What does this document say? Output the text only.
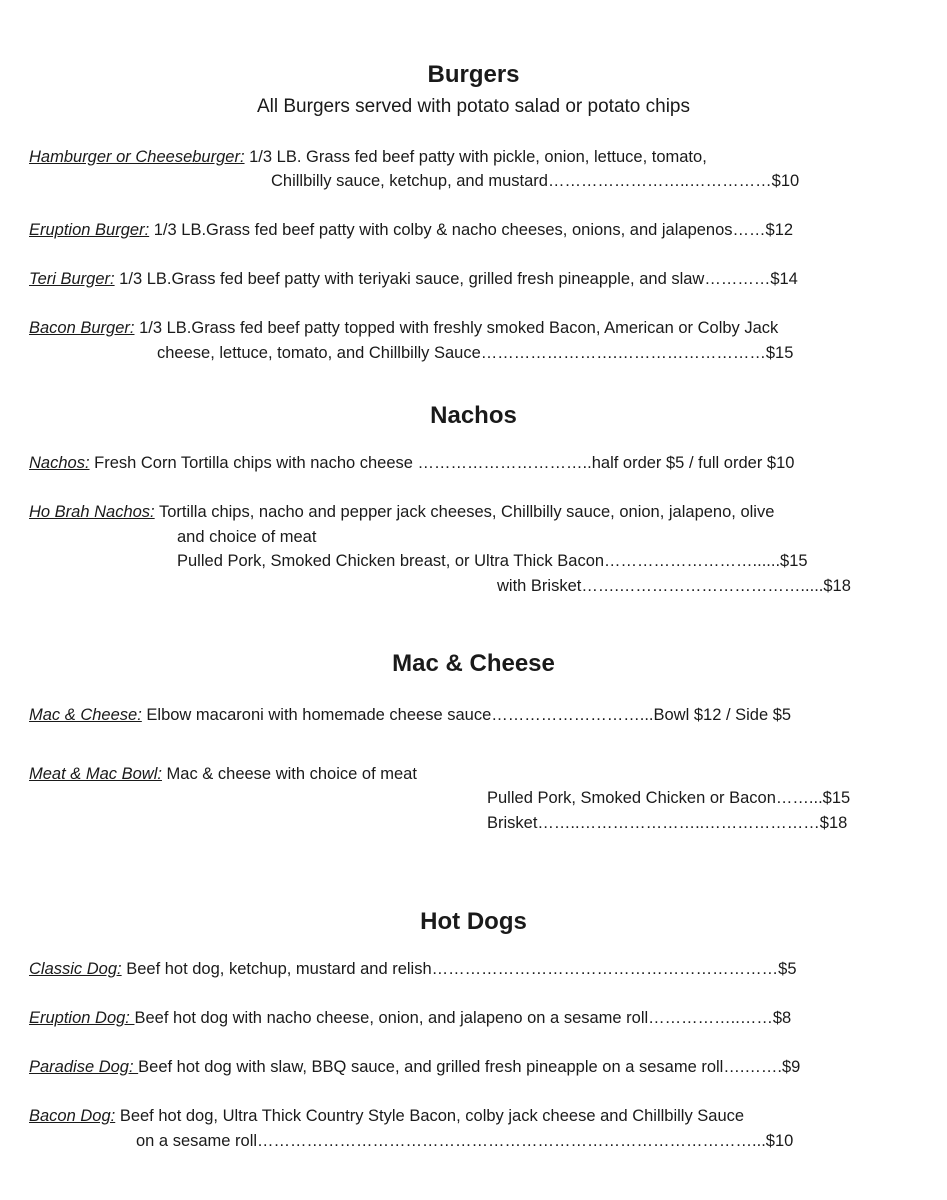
Burgers
All Burgers served with potato salad or potato chips
Hamburger or Cheeseburger: 1/3 LB. Grass fed beef patty with pickle, onion, lettuce, tomato,
Chillbilly sauce, ketchup, and mustard……………………..……………$10
Eruption Burger: 1/3 LB.Grass fed beef patty with colby & nacho cheeses, onions, and jalapenos……$12
Teri Burger: 1/3 LB.Grass fed beef patty with teriyaki sauce, grilled fresh pineapple, and slaw…………$14
Bacon Burger: 1/3 LB.Grass fed beef patty topped with freshly smoked Bacon, American or Colby Jack
cheese, lettuce, tomato, and Chillbilly Sauce…………………….………………………$15
Nachos
Nachos: Fresh Corn Tortilla chips with nacho cheese …………………………..half order $5 / full order $10
Ho Brah Nachos: Tortilla chips, nacho and pepper jack cheeses, Chillbilly sauce, onion, jalapeno, olive
and choice of meat
Pulled Pork, Smoked Chicken breast, or Ultra Thick Bacon………………………......$15
with Brisket…….…………………………….....$18
Mac & Cheese
Mac & Cheese: Elbow macaroni with homemade cheese sauce………………………...Bowl $12 / Side $5
Meat & Mac Bowl: Mac & cheese with choice of meat
Pulled Pork, Smoked Chicken or Bacon……...$15
Brisket……..…………………..…………………$18
Hot Dogs
Classic Dog: Beef hot dog, ketchup, mustard and relish………………………………………………………$5
Eruption Dog: Beef hot dog with nacho cheese, onion, and jalapeno on a sesame roll……………..……$8
Paradise Dog: Beef hot dog with slaw, BBQ sauce, and grilled fresh pineapple on a sesame roll….…….$9
Bacon Dog: Beef hot dog, Ultra Thick Country Style Bacon, colby jack cheese and Chillbilly Sauce
on a sesame roll………………………………………………………………………………...$10
